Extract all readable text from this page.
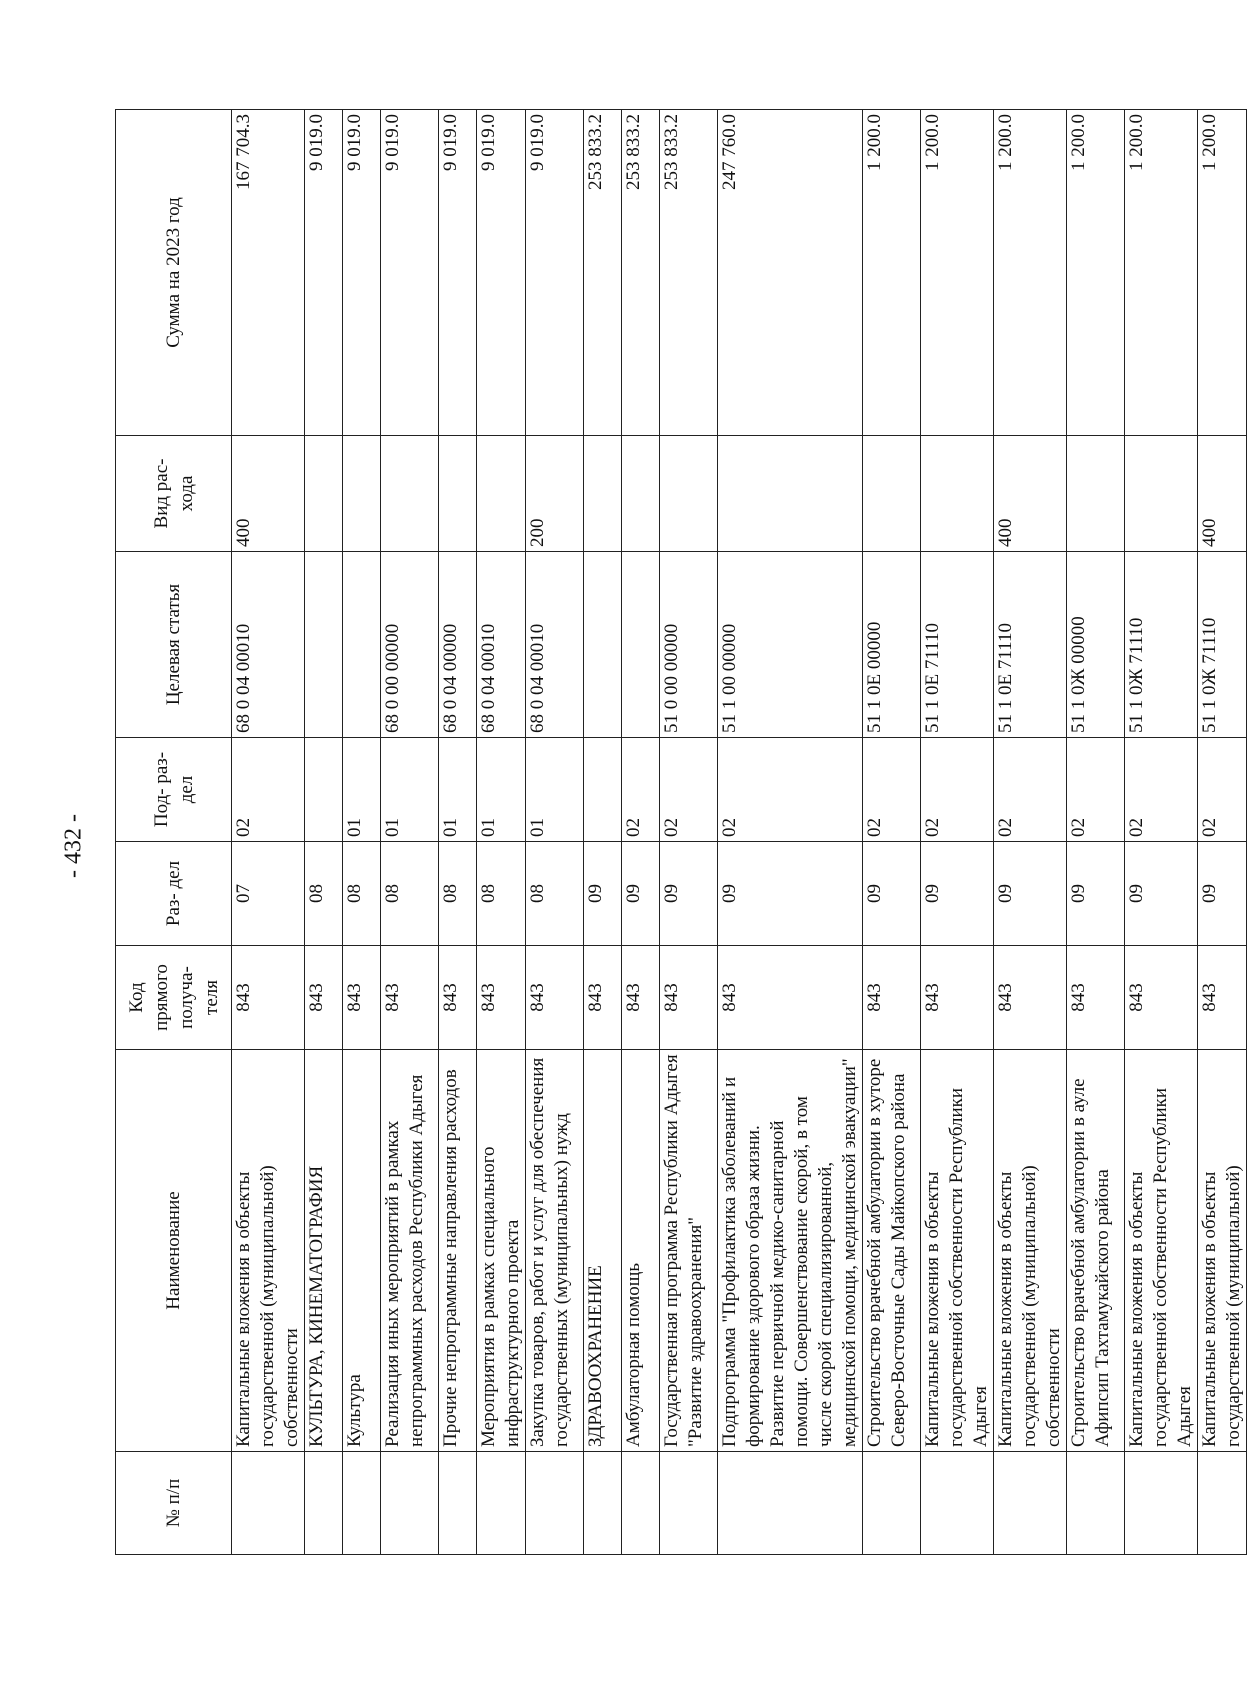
- 432 -
№ п/п	Наименование	Код прямого получа- теля	Раз- дел	Под- раз- дел	Целевая статья	Вид рас- хода	Сумма на 2023 год
	Капитальные вложения в объекты государственной (муниципальной) собственности	843	07	02	68 0 04 00010	400	167 704.3
	КУЛЬТУРА, КИНЕМАТОГРАФИЯ	843	08				9 019.0
	Культура	843	08	01			9 019.0
	Реализация иных мероприятий в рамках непрограммных расходов Республики Адыгея	843	08	01	68 0 00 00000		9 019.0
	Прочие непрограммные направления расходов	843	08	01	68 0 04 00000		9 019.0
	Мероприятия в рамках специального инфраструктурного проекта	843	08	01	68 0 04 00010		9 019.0
	Закупка товаров, работ и услуг для обеспечения государственных (муниципальных) нужд	843	08	01	68 0 04 00010	200	9 019.0
	ЗДРАВООХРАНЕНИЕ	843	09				253 833.2
	Амбулаторная помощь	843	09	02			253 833.2
	Государственная программа Республики Адыгея "Развитие здравоохранения"	843	09	02	51 0 00 00000		253 833.2
	Подпрограмма "Профилактика заболеваний и формирование здорового образа жизни. Развитие первичной медико-санитарной помощи. Совершенствование скорой, в том числе скорой специализированной, медицинской помощи, медицинской эвакуации"	843	09	02	51 1 00 00000		247 760.0
	Строительство врачебной амбулатории в хуторе Северо-Восточные Сады Майкопского района	843	09	02	51 1 0Е 00000		1 200.0
	Капитальные вложения в объекты государственной собственности Республики Адыгея	843	09	02	51 1 0Е 71110		1 200.0
	Капитальные вложения в объекты государственной (муниципальной) собственности	843	09	02	51 1 0Е 71110	400	1 200.0
	Строительство врачебной амбулатории в ауле Афипсип Тахтамукайского района	843	09	02	51 1 0Ж 00000		1 200.0
	Капитальные вложения в объекты государственной собственности Республики Адыгея	843	09	02	51 1 0Ж 71110		1 200.0
	Капитальные вложения в объекты государственной (муниципальной)	843	09	02	51 1 0Ж 71110	400	1 200.0
